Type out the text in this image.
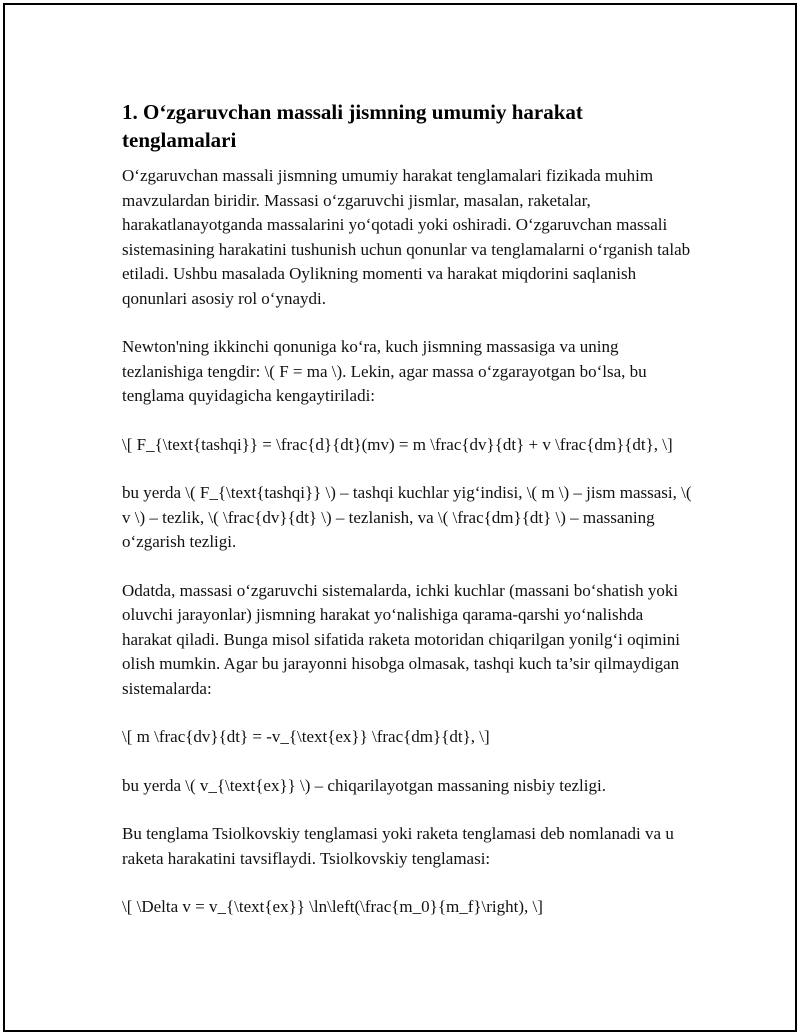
1. O‘zgaruvchan massali jismning umumiy harakat tenglamalari

O‘zgaruvchan massali jismning umumiy harakat tenglamalari fizikada muhim mavzulardan biridir. Massasi o‘zgaruvchi jismlar, masalan, raketalar, harakatlanayotganda massalarini yo‘qotadi yoki oshiradi. O‘zgaruvchan massali sistemasining harakatini tushunish uchun qonunlar va tenglamalarni o‘rganish talab etiladi. Ushbu masalada Oylikning momenti va harakat miqdorini saqlanish qonunlari asosiy rol o‘ynaydi.

Newton'ning ikkinchi qonuniga ko‘ra, kuch jismning massasiga va uning tezlanishiga tengdir: \( F = ma \). Lekin, agar massa o‘zgarayotgan bo‘lsa, bu tenglama quyidagicha kengaytiriladi:

\[ F_{\text{tashqi}} = \frac{d}{dt}(mv) = m \frac{dv}{dt} + v \frac{dm}{dt}, \]

bu yerda \( F_{\text{tashqi}} \) – tashqi kuchlar yig‘indisi, \( m \) – jism massasi, \( v \) – tezlik, \( \frac{dv}{dt} \) – tezlanish, va \( \frac{dm}{dt} \) – massaning o‘zgarish tezligi.

Odatda, massasi o‘zgaruvchi sistemalarda, ichki kuchlar (massani bo‘shatish yoki oluvchi jarayonlar) jismning harakat yo‘nalishiga qarama-qarshi yo‘nalishda harakat qiladi. Bunga misol sifatida raketa motoridan chiqarilgan yonilg‘i oqimini olish mumkin. Agar bu jarayonni hisobga olmasak, tashqi kuch ta’sir qilmaydigan sistemalarda:

\[ m \frac{dv}{dt} = -v_{\text{ex}} \frac{dm}{dt}, \]

bu yerda \( v_{\text{ex}} \) – chiqarilayotgan massaning nisbiy tezligi.

Bu tenglama Tsiolkovskiy tenglamasi yoki raketa tenglamasi deb nomlanadi va u raketa harakatini tavsiflaydi. Tsiolkovskiy tenglamasi:

\[ \Delta v = v_{\text{ex}} \ln\left(\frac{m_0}{m_f}\right), \]
